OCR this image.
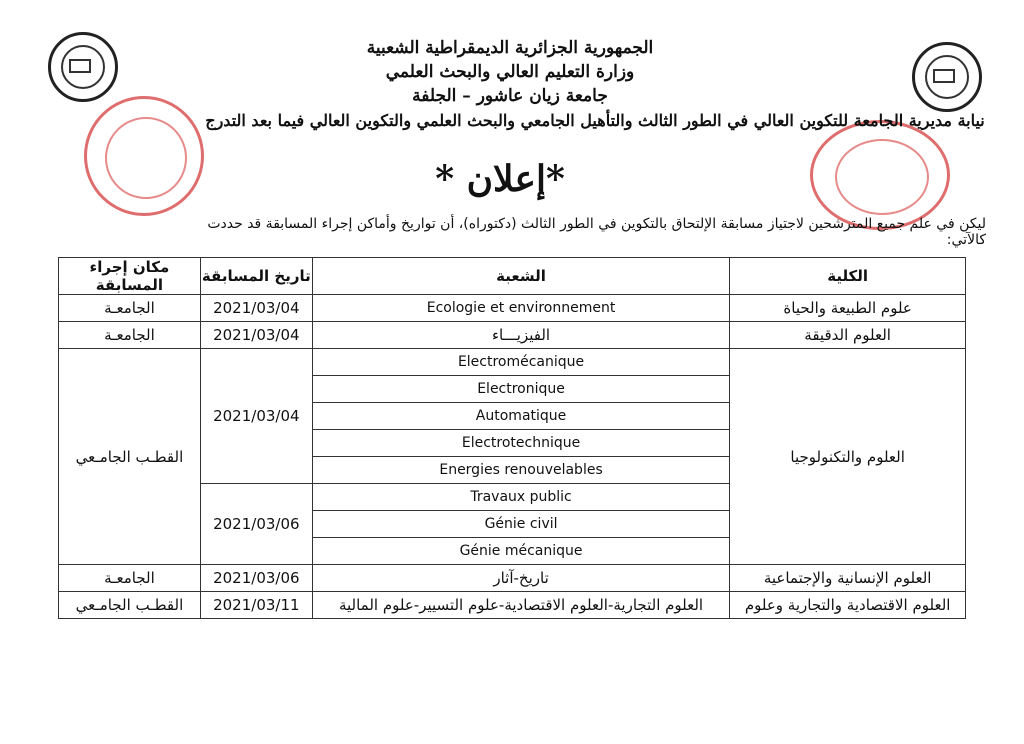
الجمهورية الجزائرية الديمقراطية الشعبية
وزارة التعليم العالي والبحث العلمي
جامعة زيان عاشور – الجلفة
نيابة مديرية الجامعة للتكوين العالي في الطور الثالث والتأهيل الجامعي والبحث العلمي والتكوين العالي فيما بعد التدرج
*إعلان *
ليكن في علم جميع المترشحين لاجتياز مسابقة الإلتحاق بالتكوين في الطور الثالث (دكتوراه)، أن تواريخ وأماكن إجراء المسابقة قد حددت كالآتي:
مكان إجراء المسابقة	تاريخ المسابقة	الشعبة	الكلية
الجامعـة	2021/03/04	Ecologie et environnement	علوم الطبيعة والحياة
الجامعـة	2021/03/04	الفيزيـــاء	العلوم الدقيقة
القطـب الجامـعي	2021/03/04	Electromécanique	العلوم والتكنولوجيا
		Electronique	
		Automatique	
		Electrotechnique	
		Energies renouvelables	
	2021/03/06	Travaux public	
		Génie civil	
		Génie mécanique	
الجامعـة	2021/03/06	تاريخ-آثار	العلوم الإنسانية والإجتماعية
القطـب الجامـعي	2021/03/11	العلوم التجارية-العلوم الاقتصادية-علوم التسيير-علوم المالية	العلوم الاقتصادية والتجارية وعلوم
